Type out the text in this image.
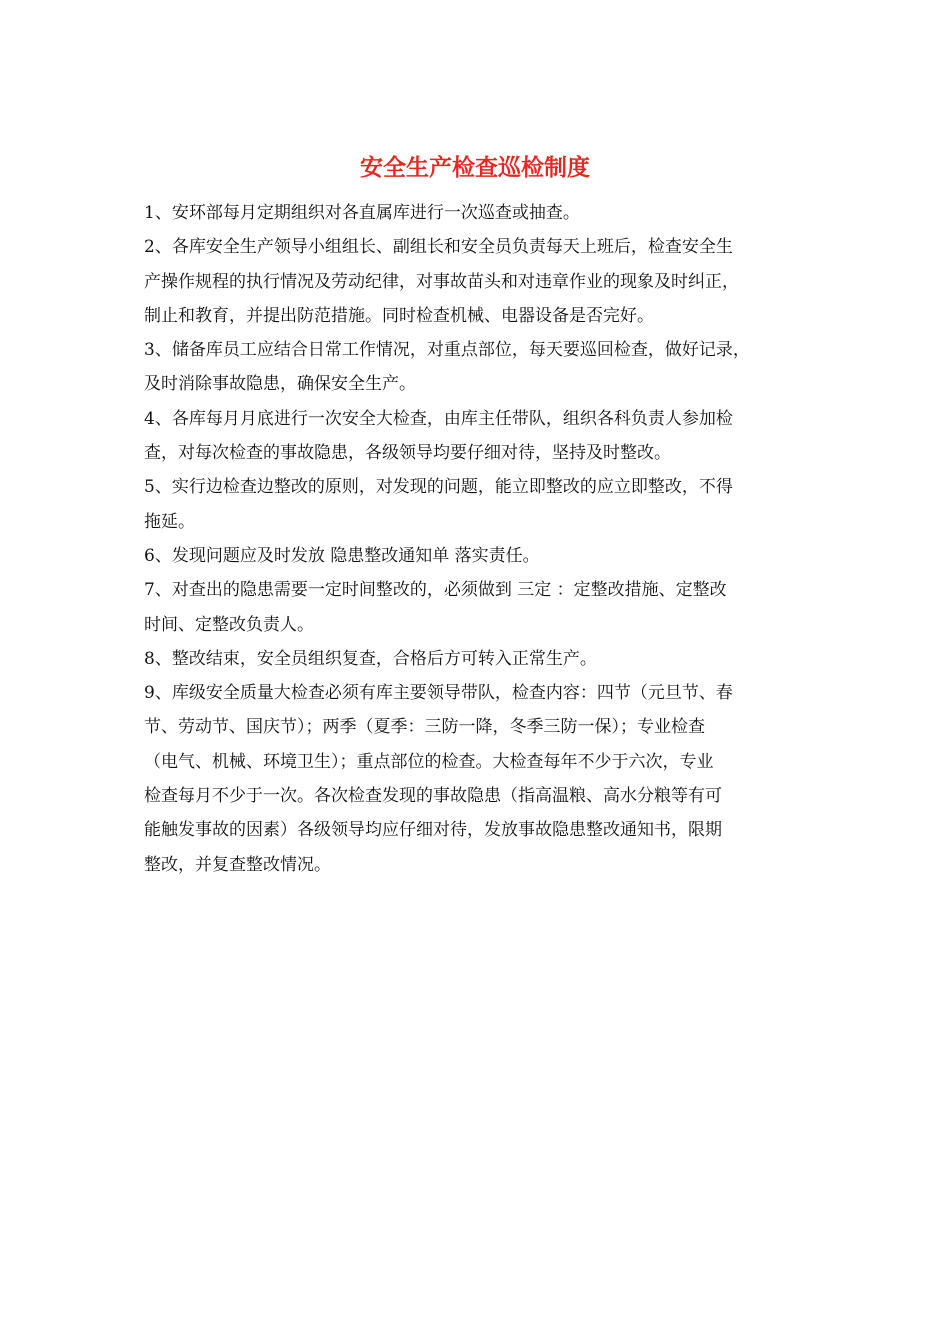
安全生产检查巡检制度
1、安环部每月定期组织对各直属库进行一次巡查或抽查。
2、各库安全生产领导小组组长、副组长和安全员负责每天上班后，检查安全生
产操作规程的执行情况及劳动纪律，对事故苗头和对违章作业的现象及时纠正，
制止和教育，并提出防范措施。同时检查机械、电器设备是否完好。
3、储备库员工应结合日常工作情况，对重点部位，每天要巡回检查，做好记录，
及时消除事故隐患，确保安全生产。
4、各库每月月底进行一次安全大检查，由库主任带队，组织各科负责人参加检
查，对每次检查的事故隐患，各级领导均要仔细对待，坚持及时整改。
5、实行边检查边整改的原则，对发现的问题，能立即整改的应立即整改，不得
拖延。
6、发现问题应及时发放 隐患整改通知单 落实责任。
7、对查出的隐患需要一定时间整改的，必须做到 三定 ：定整改措施、定整改
时间、定整改负责人。
8、整改结束，安全员组织复查，合格后方可转入正常生产。
9、库级安全质量大检查必须有库主要领导带队，检查内容：四节（元旦节、春
节、劳动节、国庆节）；两季（夏季：三防一降，冬季三防一保）；专业检查
（电气、机械、环境卫生）；重点部位的检查。大检查每年不少于六次，专业
检查每月不少于一次。各次检查发现的事故隐患（指高温粮、高水分粮等有可
能触发事故的因素）各级领导均应仔细对待，发放事故隐患整改通知书，限期
整改，并复查整改情况。
